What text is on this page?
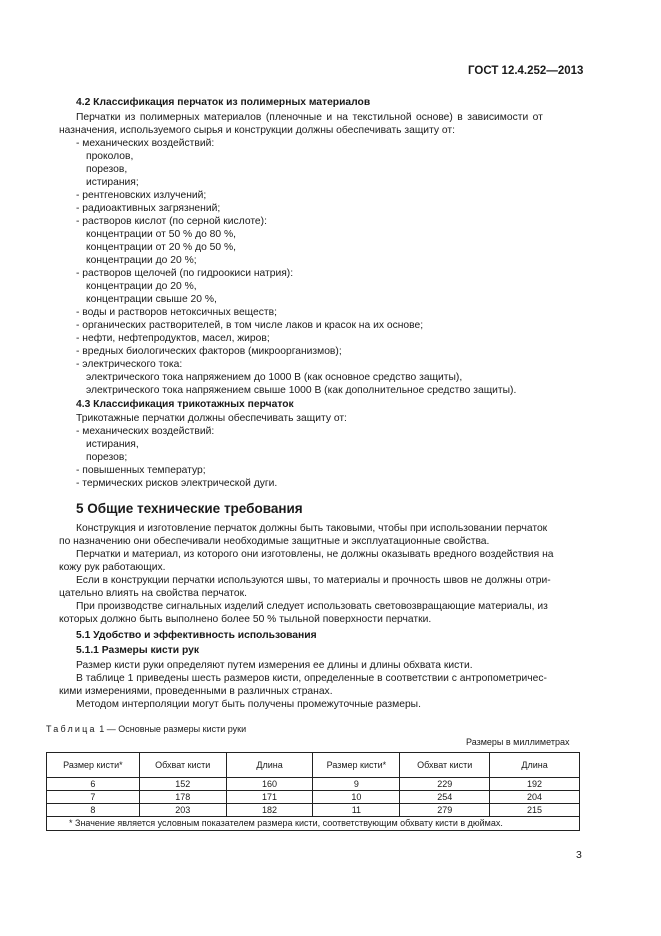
ГОСТ 12.4.252—2013
4.2 Классификация перчаток из полимерных материалов
Перчатки из полимерных материалов (пленочные и на текстильной основе) в зависимости от
назначения, используемого сырья и конструкции должны обеспечивать защиту от:
- механических воздействий:
проколов,
порезов,
истирания;
- рентгеновских излучений;
- радиоактивных загрязнений;
- растворов кислот (по серной кислоте):
концентрации от 50 % до 80 %,
концентрации от 20 % до 50 %,
концентрации до 20 %;
- растворов щелочей (по гидроокиси натрия):
концентрации до 20 %,
концентрации свыше 20 %,
- воды и растворов нетоксичных веществ;
- органических растворителей, в том числе лаков и красок на их основе;
- нефти, нефтепродуктов, масел, жиров;
- вредных биологических факторов (микроорганизмов);
- электрического тока:
электрического тока напряжением до 1000 В (как основное средство защиты),
электрического тока напряжением свыше 1000 В (как дополнительное средство защиты).
4.3 Классификация трикотажных перчаток
Трикотажные перчатки должны обеспечивать защиту от:
- механических воздействий:
истирания,
порезов;
- повышенных температур;
- термических рисков электрической дуги.
5 Общие технические требования
Конструкция и изготовление перчаток должны быть таковыми, чтобы при использовании перчаток
по назначению они обеспечивали необходимые защитные и эксплуатационные свойства.
Перчатки и материал, из которого они изготовлены, не должны оказывать вредного воздействия на
кожу рук работающих.
Если в конструкции перчатки используются швы, то материалы и прочность швов не должны отри-
цательно влиять на свойства перчаток.
При производстве сигнальных изделий следует использовать световозвращающие материалы, из
которых должно быть выполнено более 50 % тыльной поверхности перчатки.
5.1 Удобство и эффективность использования
5.1.1 Размеры кисти рук
Размер кисти руки определяют путем измерения ее длины и длины обхвата кисти.
В таблице 1 приведены шесть размеров кисти, определенные в соответствии с антропометричес-
кими измерениями, проведенными в различных странах.
Методом интерполяции могут быть получены промежуточные размеры.
Таблица 1 — Основные размеры кисти руки
Размеры в миллиметрах
Размер кисти*	Обхват кисти	Длина	Размер кисти*	Обхват кисти	Длина
6	152	160	9	229	192
7	178	171	10	254	204
8	203	182	11	279	215
* Значение является условным показателем размера кисти, соответствующим обхвату кисти в дюймах.					
3
